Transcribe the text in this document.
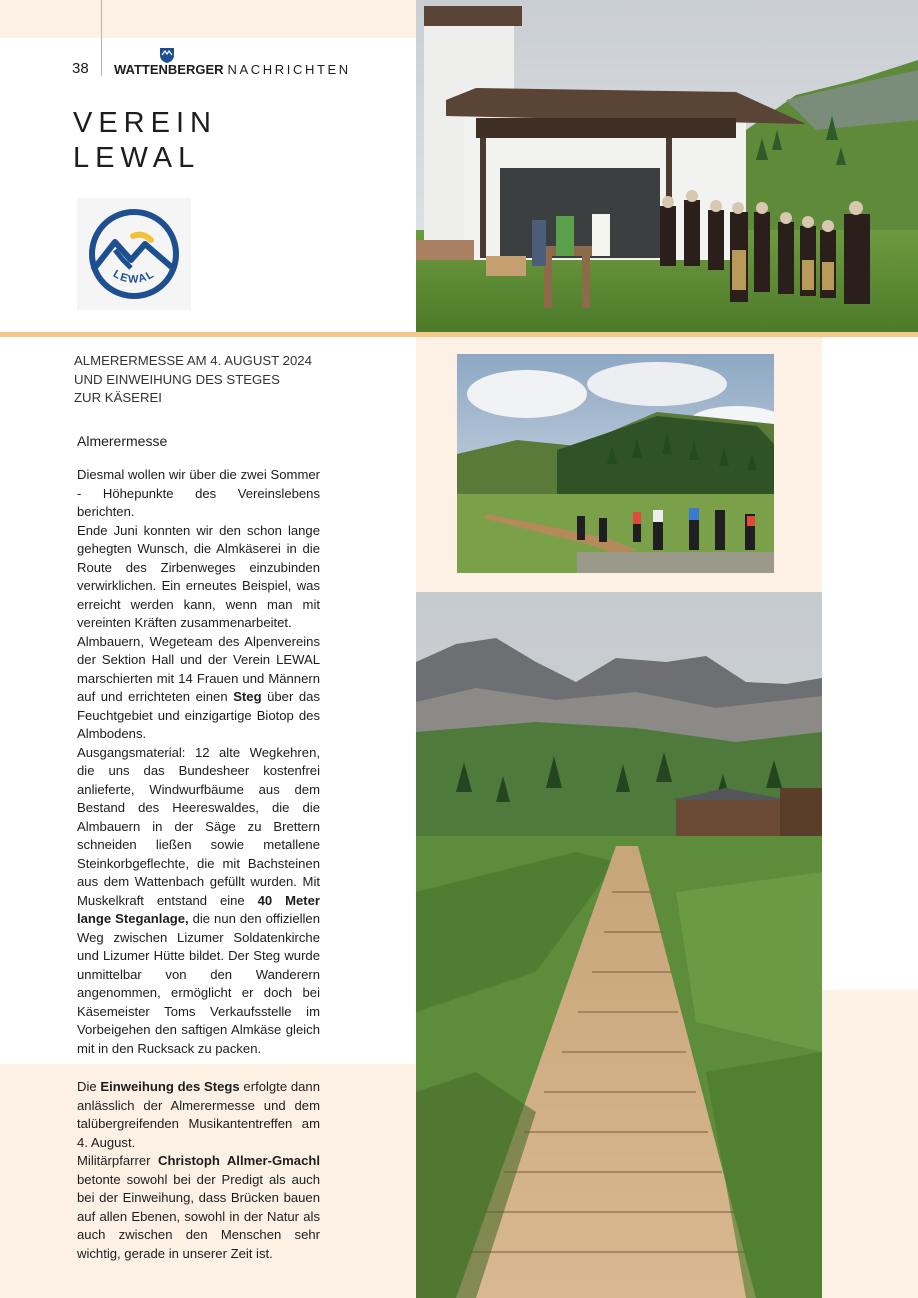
38 WATTENBERGER NACHRICHTEN
VEREIN
LEWAL
LEWAL
ALMERERMESSE AM 4. AUGUST 2024
UND EINWEIHUNG DES STEGES
ZUR KÄSEREI
Almerermesse

Diesmal wollen wir über die zwei Sommer - Höhepunkte des Vereinslebens berichten.

Ende Juni konnten wir den schon lange gehegten Wunsch, die Almkäserei in die Route des Zirbenweges einzubinden verwirklichen. Ein erneutes Beispiel, was erreicht werden kann, wenn man mit vereinten Kräften zusammenarbeitet.

Almbauern, Wegeteam des Alpenvereins der Sektion Hall und der Verein LEWAL marschierten mit 14 Frauen und Männern auf und errichteten einen Steg über das Feuchtgebiet und einzigartige Biotop des Almbodens.

Ausgangsmaterial: 12 alte Wegkehren, die uns das Bundesheer kostenfrei anlieferte, Windwurfbäume aus dem Bestand des Heereswaldes, die die Almbauern in der Säge zu Brettern schneiden ließen sowie metallene Steinkorbgeflechte, die mit Bachsteinen aus dem Wattenbach gefüllt wurden. Mit Muskelkraft entstand eine 40 Meter lange Steganlage, die nun den offiziellen Weg zwischen Lizumer Soldatenkirche und Lizumer Hütte bildet. Der Steg wurde unmittelbar von den Wanderern angenommen, ermöglicht er doch bei Käsemeister Toms Verkaufsstelle im Vorbeigehen den saftigen Almkäse gleich mit in den Rucksack zu packen.

Die Einweihung des Stegs erfolgte dann anlässlich der Almerermesse und dem talübergreifenden Musikantentreffen am 4. August.

Militärpfarrer Christoph Allmer-Gmachl betonte sowohl bei der Predigt als auch bei der Einweihung, dass Brücken bauen auf allen Ebenen, sowohl in der Natur als auch zwischen den Menschen sehr wichtig, gerade in unserer Zeit ist.
